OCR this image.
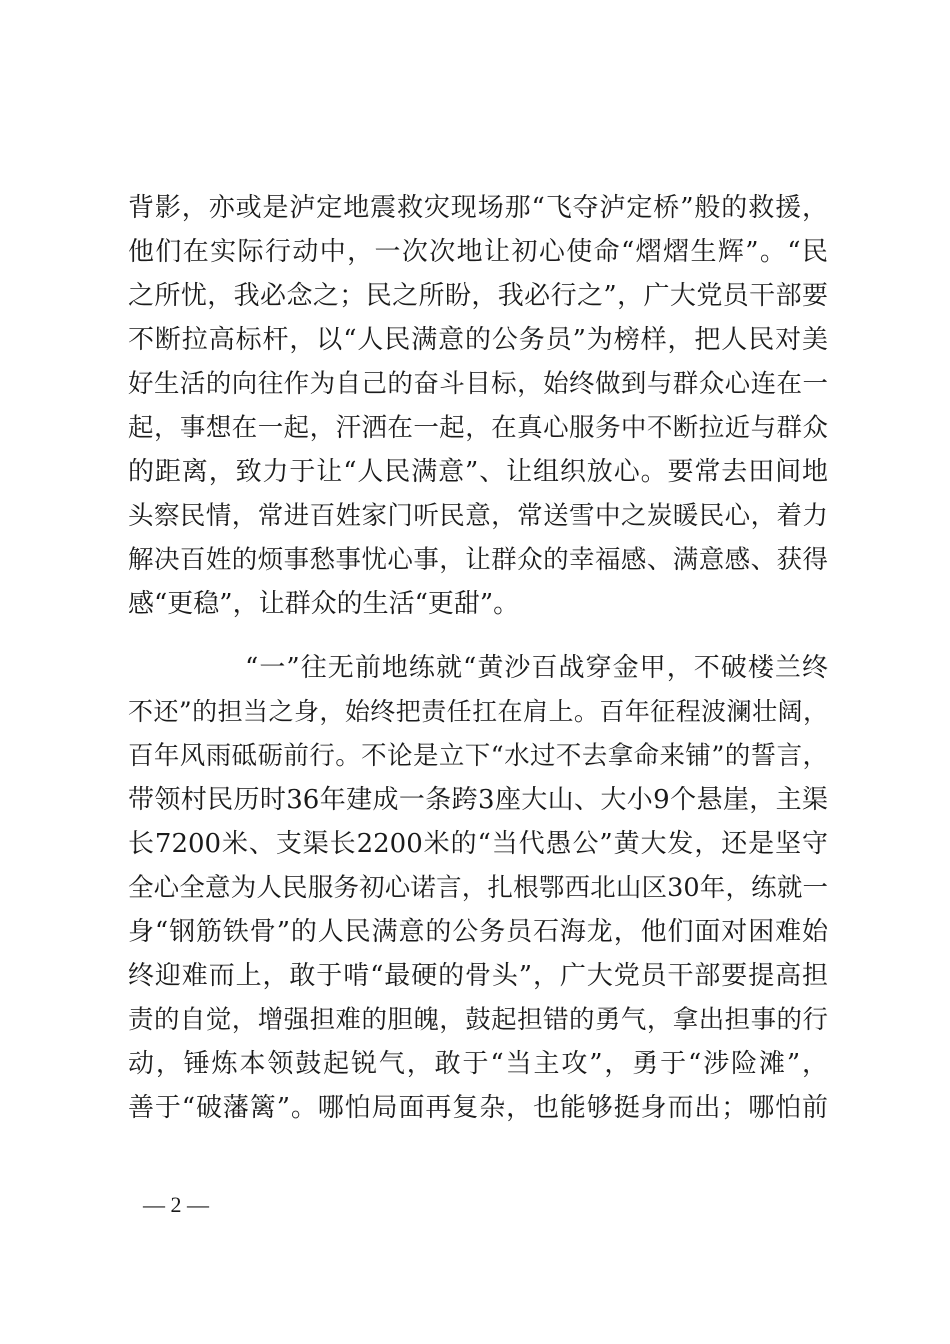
背影，亦或是泸定地震救灾现场那“飞夺泸定桥”般的救援，
他们在实际行动中，一次次地让初心使命“熠熠生辉”。“民
之所忧，我必念之；民之所盼，我必行之”，广大党员干部要
不断拉高标杆，以“人民满意的公务员”为榜样，把人民对美
好生活的向往作为自己的奋斗目标，始终做到与群众心连在一
起，事想在一起，汗洒在一起，在真心服务中不断拉近与群众
的距离，致力于让“人民满意”、让组织放心。要常去田间地
头察民情，常进百姓家门听民意，常送雪中之炭暖民心，着力
解决百姓的烦事愁事忧心事，让群众的幸福感、满意感、获得
感“更稳”，让群众的生活“更甜”。
“一”往无前地练就“黄沙百战穿金甲，不破楼兰终
不还”的担当之身，始终把责任扛在肩上。百年征程波澜壮阔，
百年风雨砥砺前行。不论是立下“水过不去拿命来铺”的誓言，
带领村民历时36年建成一条跨3座大山、大小9个悬崖，主渠
长7200米、支渠长2200米的“当代愚公”黄大发，还是坚守
全心全意为人民服务初心诺言，扎根鄂西北山区30年，练就一
身“钢筋铁骨”的人民满意的公务员石海龙，他们面对困难始
终迎难而上，敢于啃“最硬的骨头”，广大党员干部要提高担
责的自觉，增强担难的胆魄，鼓起担错的勇气，拿出担事的行
动，锤炼本领鼓起锐气，敢于“当主攻”，勇于“涉险滩”，
善于“破藩篱”。哪怕局面再复杂，也能够挺身而出；哪怕前
— 2 —
